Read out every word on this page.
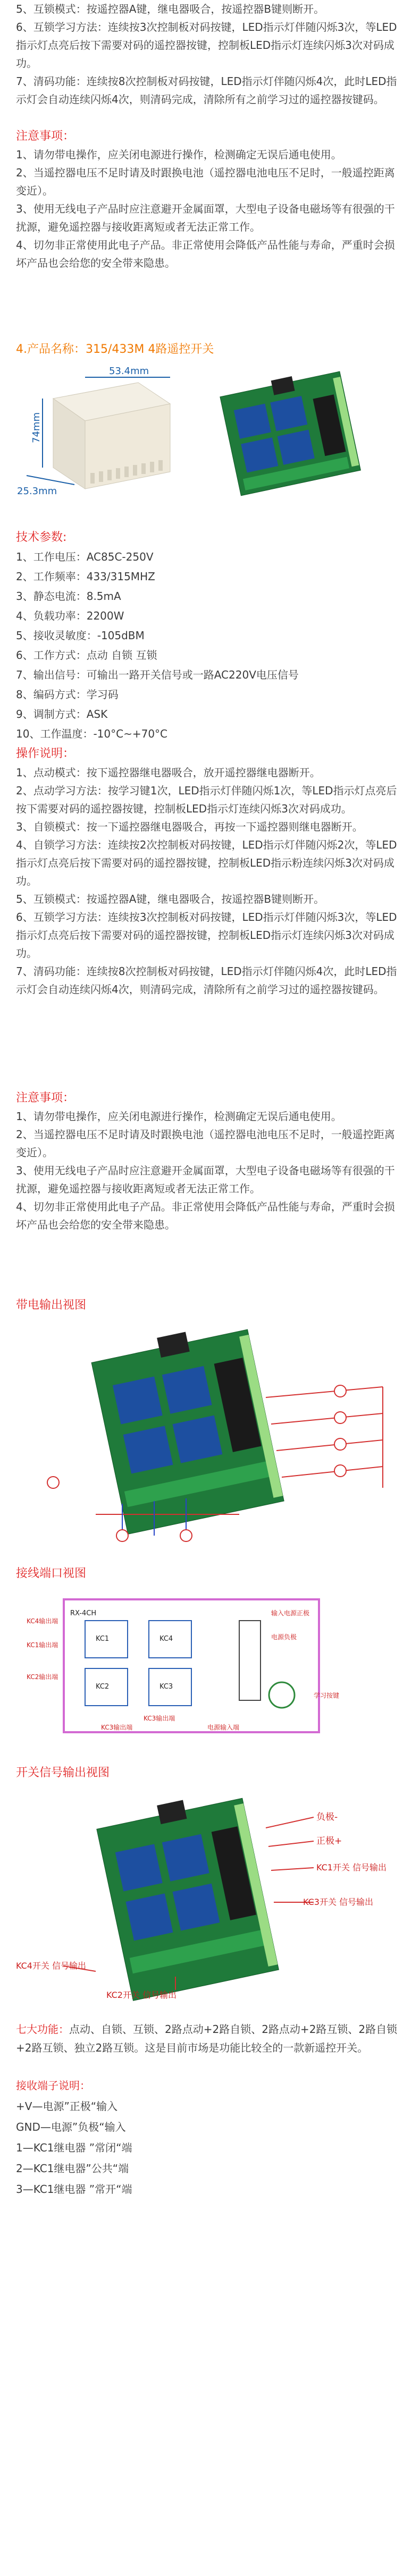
5、互锁模式：按遥控器A键，继电器吸合，按遥控器B键则断开。
6、互锁学习方法：连续按3次控制板对码按键，LED指示灯伴随闪烁3次，等LED指示灯点亮后按下需要对码的遥控器按键，控制板LED指示灯连续闪烁3次对码成功。
7、清码功能：连续按8次控制板对码按键，LED指示灯伴随闪烁4次，此时LED指示灯会自动连续闪烁4次，则清码完成，清除所有之前学习过的遥控器按键码。
注意事项：
1、请勿带电操作，应关闭电源进行操作，检测确定无误后通电使用。
2、当遥控器电压不足时请及时跟换电池（遥控器电池电压不足时，一般遥控距离变近）。
3、使用无线电子产品时应注意避开金属面罩，大型电子设备电磁场等有很强的干扰源，避免遥控器与接收距离短或者无法正常工作。
4、切勿非正常使用此电子产品。非正常使用会降低产品性能与寿命，严重时会损坏产品也会给您的安全带来隐患。
4.产品名称：315/433M 4路遥控开关
53.4mm
74mm
25.3mm
技术参数:
1、工作电压：AC85C-250V
2、工作频率：433/315MHZ
3、静态电流：8.5mA
4、负载功率：2200W
5、接收灵敏度：-105dBM
6、工作方式：点动 自锁 互锁
7、输出信号：可输出一路开关信号或一路AC220V电压信号
8、编码方式：学习码
9、调制方式：ASK
10、工作温度：-10°C~+70°C
操作说明：
1、点动模式：按下遥控器继电器吸合，放开遥控器继电器断开。
2、点动学习方法：按学习键1次，LED指示灯伴随闪烁1次，等LED指示灯点亮后按下需要对码的遥控器按键，控制板LED指示灯连续闪烁3次对码成功。
3、自锁模式：按一下遥控器继电器吸合，再按一下遥控器则继电器断开。
4、自锁学习方法：连续按2次控制板对码按键，LED指示灯伴随闪烁2次，等LED指示灯点亮后按下需要对码的遥控器按键，控制板LED指示粉连续闪烁3次对码成功。
5、互锁模式：按遥控器A键，继电器吸合，按遥控器B键则断开。
6、互锁学习方法：连续按3次控制板对码按键，LED指示灯伴随闪烁3次，等LED指示灯点亮后按下需要对码的遥控器按键，控制板LED指示灯连续闪烁3次对码成功。
7、清码功能：连续按8次控制板对码按键，LED指示灯伴随闪烁4次，此时LED指示灯会自动连续闪烁4次，则清码完成，清除所有之前学习过的遥控器按键码。
注意事项：
1、请勿带电操作，应关闭电源进行操作，检测确定无误后通电使用。
2、当遥控器电压不足时请及时跟换电池（遥控器电池电压不足时，一般遥控距离变近）。
3、使用无线电子产品时应注意避开金属面罩，大型电子设备电磁场等有很强的干扰源，避免遥控器与接收距离短或者无法正常工作。
4、切勿非正常使用此电子产品。非正常使用会降低产品性能与寿命，严重时会损坏产品也会给您的安全带来隐患。
带电输出视图
接线端口视图
RX-4CH
KC1
KC2	KC3
KC4
KC4输出端
KC1输出端
KC2输出端
KC3输出端
输入电源正极
电源负极
学习按键
KC3输出端	电源输入端
开关信号输出视图
负极-
正极+
KC1开关 信号输出
KC3开关 信号输出
KC4开关 信号输出
KC2开关 信号输出
七大功能：点动、自锁、互锁、2路点动+2路自锁、2路点动+2路互锁、2路自锁+2路互锁、独立2路互锁。这是目前市场是功能比较全的一款新遥控开关。
接收端子说明：
+V—电源”正极“输入
GND—电源”负极“输入
1—KC1继电器 ”常闭“端
2—KC1继电器”公共“端
3—KC1继电器 ”常开“端
